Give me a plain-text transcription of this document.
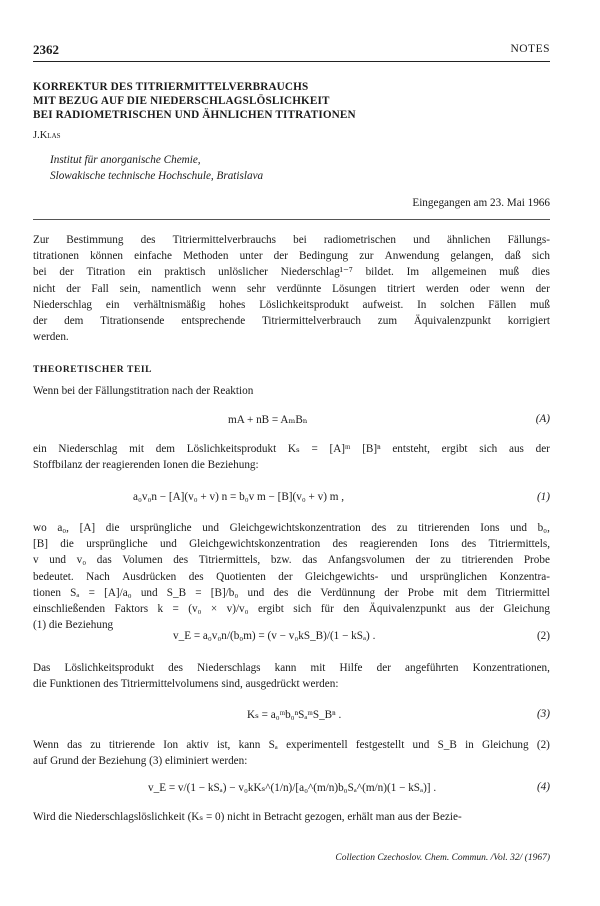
2362	NOTES
KORREKTUR DES TITRIERMITTELVERBRAUCHS
MIT BEZUG AUF DIE NIEDERSCHLAGSLÖSLICHKEIT
BEI RADIOMETRISCHEN UND ÄHNLICHEN TITRATIONEN
J.Klas
Institut für anorganische Chemie,
Slowakische technische Hochschule, Bratislava
Eingegangen am 23. Mai 1966
Zur Bestimmung des Titriermittelverbrauchs bei radiometrischen und ähnlichen Fällungs-
titrationen können einfache Methoden unter der Bedingung zur Anwendung gelangen, daß sich
bei der Titration ein praktisch unlöslicher Niederschlag¹⁻⁷ bildet. Im allgemeinen muß dies
nicht der Fall sein, namentlich wenn sehr verdünnte Lösungen titriert werden oder wenn der
Niederschlag ein verhältnismäßig hohes Löslichkeitsprodukt aufweist. In solchen Fällen muß
der dem Titrationsende entsprechende Titriermittelverbrauch zum Äquivalenzpunkt korrigiert
werden.
THEORETISCHER TEIL
Wenn bei der Fällungstitration nach der Reaktion
mA + nB = AₘBₙ	(A)
ein Niederschlag mit dem Löslichkeitsprodukt Kₛ = [A]ᵐ [B]ⁿ entsteht, ergibt sich aus der
Stoffbilanz der reagierenden Ionen die Beziehung:
a₀v₀n − [A](v₀ + v) n = b₀v m − [B](v₀ + v) m ,	(1)
wo a₀, [A] die ursprüngliche und Gleichgewichtskonzentration des zu titrierenden Ions und b₀,
[B] die ursprüngliche und Gleichgewichtskonzentration des reagierenden Ions des Titriermittels,
v und v₀ das Volumen des Titriermittels, bzw. das Anfangsvolumen der zu titrierenden Probe
bedeutet. Nach Ausdrücken des Quotienten der Gleichgewichts- und ursprünglichen Konzentra-
tionen Sₐ = [A]/a₀ und S_B = [B]/b₀ und des die Verdünnung der Probe mit dem Titriermittel
einschließenden Faktors k = (v₀ × v)/v₀ ergibt sich für den Äquivalenzpunkt aus der Gleichung
(1) die Beziehung
v_E = a₀v₀n/(b₀m) = (v − v₀kS_B)/(1 − kSₐ) .	(2)
Das Löslichkeitsprodukt des Niederschlags kann mit Hilfe der angeführten Konzentrationen,
die Funktionen des Titriermittelvolumens sind, ausgedrückt werden:
Kₛ = a₀ᵐb₀ⁿSₐᵐS_Bⁿ .	(3)
Wenn das zu titrierende Ion aktiv ist, kann Sₐ experimentell festgestellt und S_B in Gleichung (2)
auf Grund der Beziehung (3) eliminiert werden:
v_E = v/(1 − kSₐ) − v₀kKₛ^(1/n)/[a₀^(m/n)b₀Sₐ^(m/n)(1 − kSₐ)] .	(4)
Wird die Niederschlagslöslichkeit (Kₛ = 0) nicht in Betracht gezogen, erhält man aus der Bezie-
Collection Czechoslov. Chem. Commun. /Vol. 32/ (1967)
